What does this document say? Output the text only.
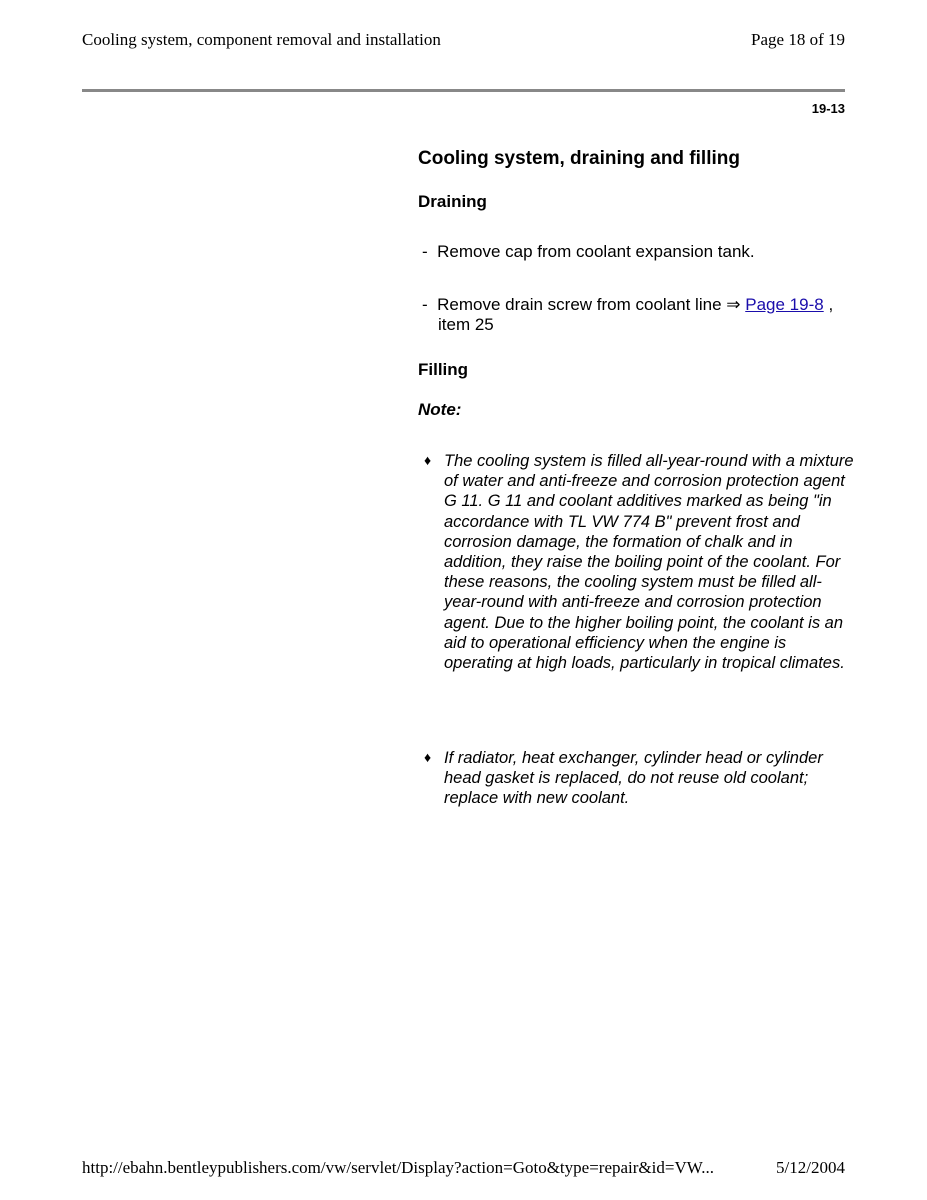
Cooling system, component removal and installation	Page 18 of 19
19-13
Cooling system, draining and filling
Draining
- Remove cap from coolant expansion tank.
- Remove drain screw from coolant line ⇒ Page 19-8 , item 25
Filling
Note:
♦ The cooling system is filled all-year-round with a mixture of water and anti-freeze and corrosion protection agent G 11. G 11 and coolant additives marked as being "in accordance with TL VW 774 B" prevent frost and corrosion damage, the formation of chalk and in addition, they raise the boiling point of the coolant. For these reasons, the cooling system must be filled all-year-round with anti-freeze and corrosion protection agent. Due to the higher boiling point, the coolant is an aid to operational efficiency when the engine is operating at high loads, particularly in tropical climates.
♦ If radiator, heat exchanger, cylinder head or cylinder head gasket is replaced, do not reuse old coolant; replace with new coolant.
http://ebahn.bentleypublishers.com/vw/servlet/Display?action=Goto&type=repair&id=VW...	5/12/2004
